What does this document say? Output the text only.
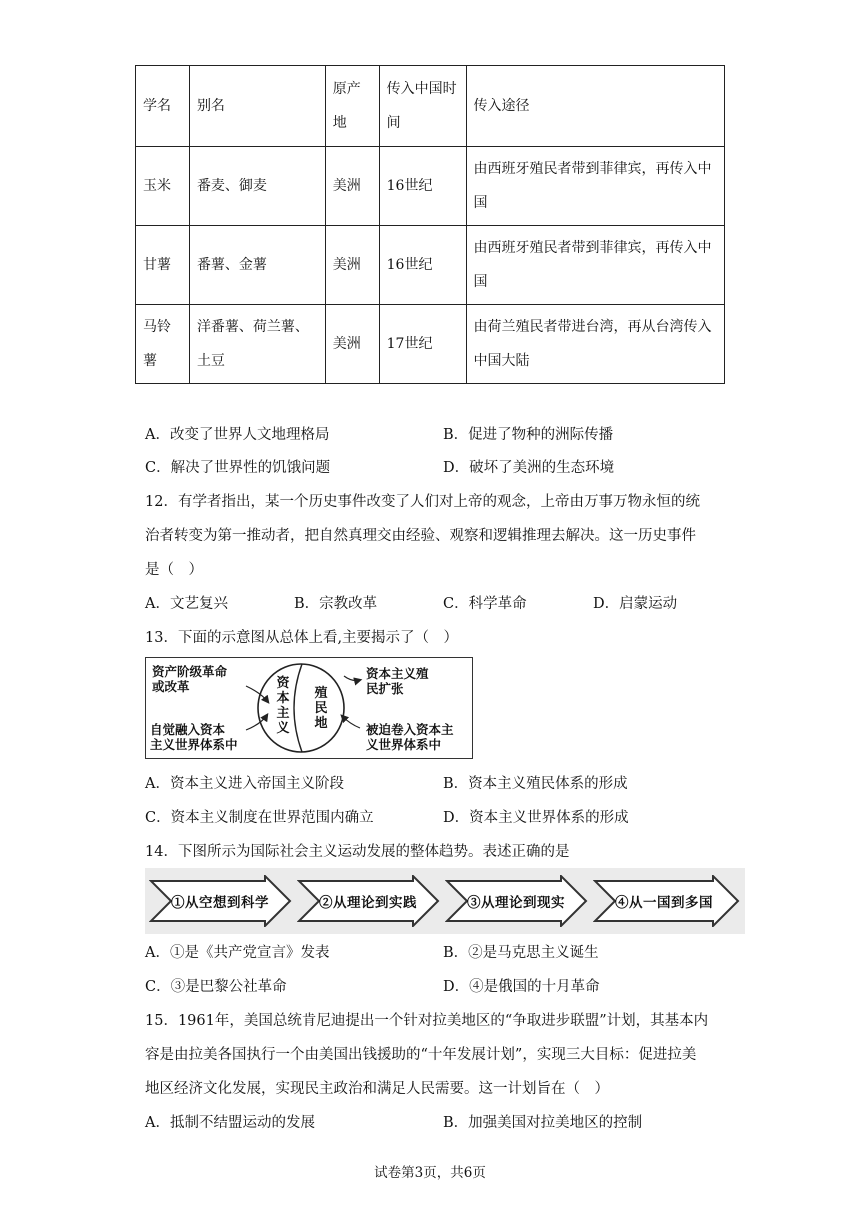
学名	别名	原产地	传入中国时间	传入途径
玉米	番麦、御麦	美洲	16世纪	由西班牙殖民者带到菲律宾，再传入中国
甘薯	番薯、金薯	美洲	16世纪	由西班牙殖民者带到菲律宾，再传入中国
马铃薯	洋番薯、荷兰薯、土豆	美洲	17世纪	由荷兰殖民者带进台湾，再从台湾传入中国大陆
A．改变了世界人文地理格局	B．促进了物种的洲际传播
C．解决了世界性的饥饿问题	D．破坏了美洲的生态环境
12．有学者指出，某一个历史事件改变了人们对上帝的观念，上帝由万事万物永恒的统
治者转变为第一推动者，把自然真理交由经验、观察和逻辑推理去解决。这一历史事件
是（　）
A．文艺复兴	B．宗教改革	C．科学革命	D．启蒙运动
13．下面的示意图从总体上看,主要揭示了（　）
资产阶级革命
或改革
自觉融入资本
主义世界体系中
资本主义殖
民扩张
被迫卷入资本主
义世界体系中
资本主义
殖民地
A．资本主义进入帝国主义阶段	B．资本主义殖民体系的形成
C．资本主义制度在世界范围内确立	D．资本主义世界体系的形成
14．下图所示为国际社会主义运动发展的整体趋势。表述正确的是
①从空想到科学	②从理论到实践	③从理论到现实	④从一国到多国
A．①是《共产党宣言》发表	B．②是马克思主义诞生
C．③是巴黎公社革命	D．④是俄国的十月革命
15．1961年，美国总统肯尼迪提出一个针对拉美地区的“争取进步联盟”计划，其基本内
容是由拉美各国执行一个由美国出钱援助的“十年发展计划”，实现三大目标：促进拉美
地区经济文化发展，实现民主政治和满足人民需要。这一计划旨在（　）
A．抵制不结盟运动的发展	B．加强美国对拉美地区的控制
试卷第3页，共6页
